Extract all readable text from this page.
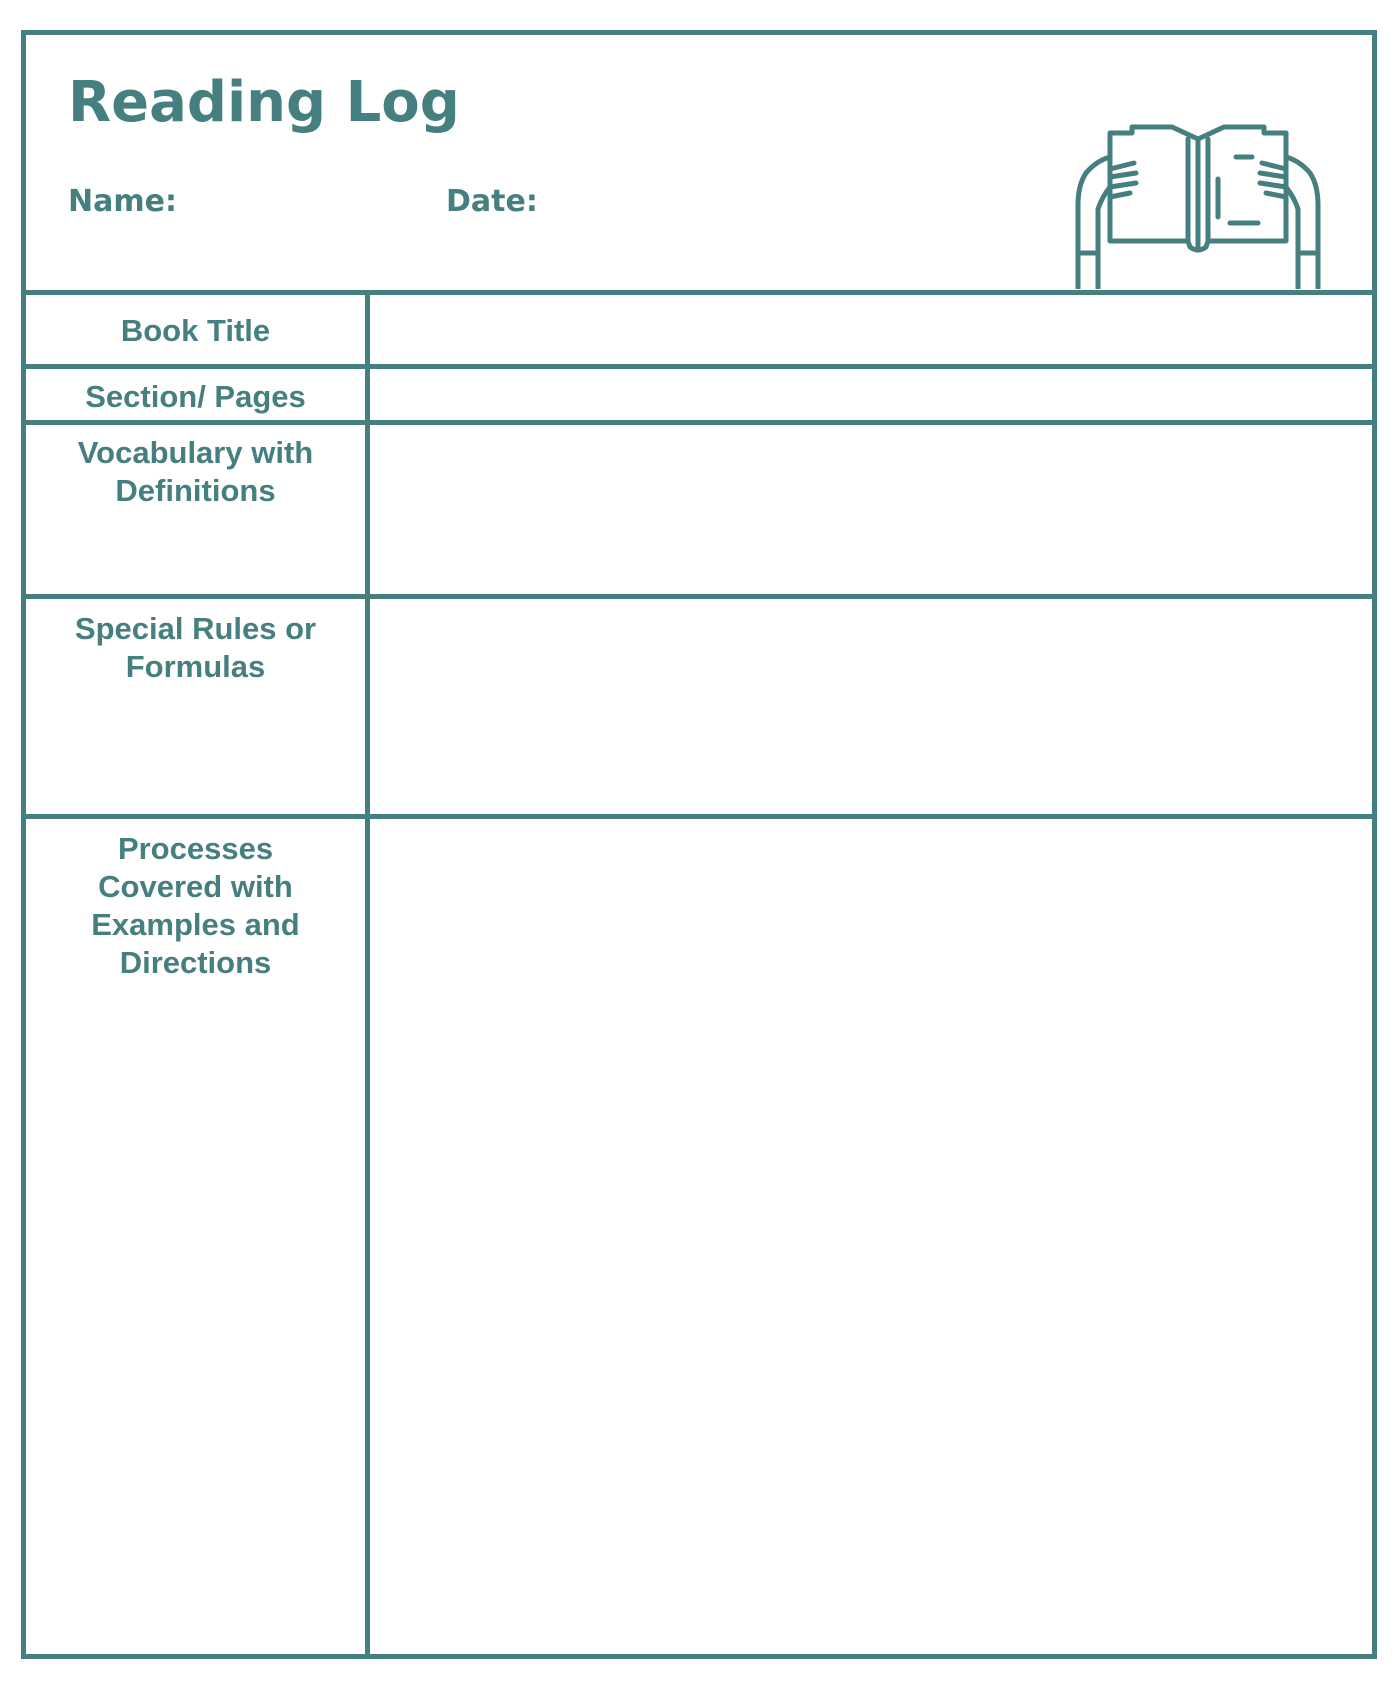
Reading Log
Name:	Date:
Book Title
Section/ Pages
Vocabulary with Definitions
Special Rules or Formulas
Processes Covered with Examples and Directions
